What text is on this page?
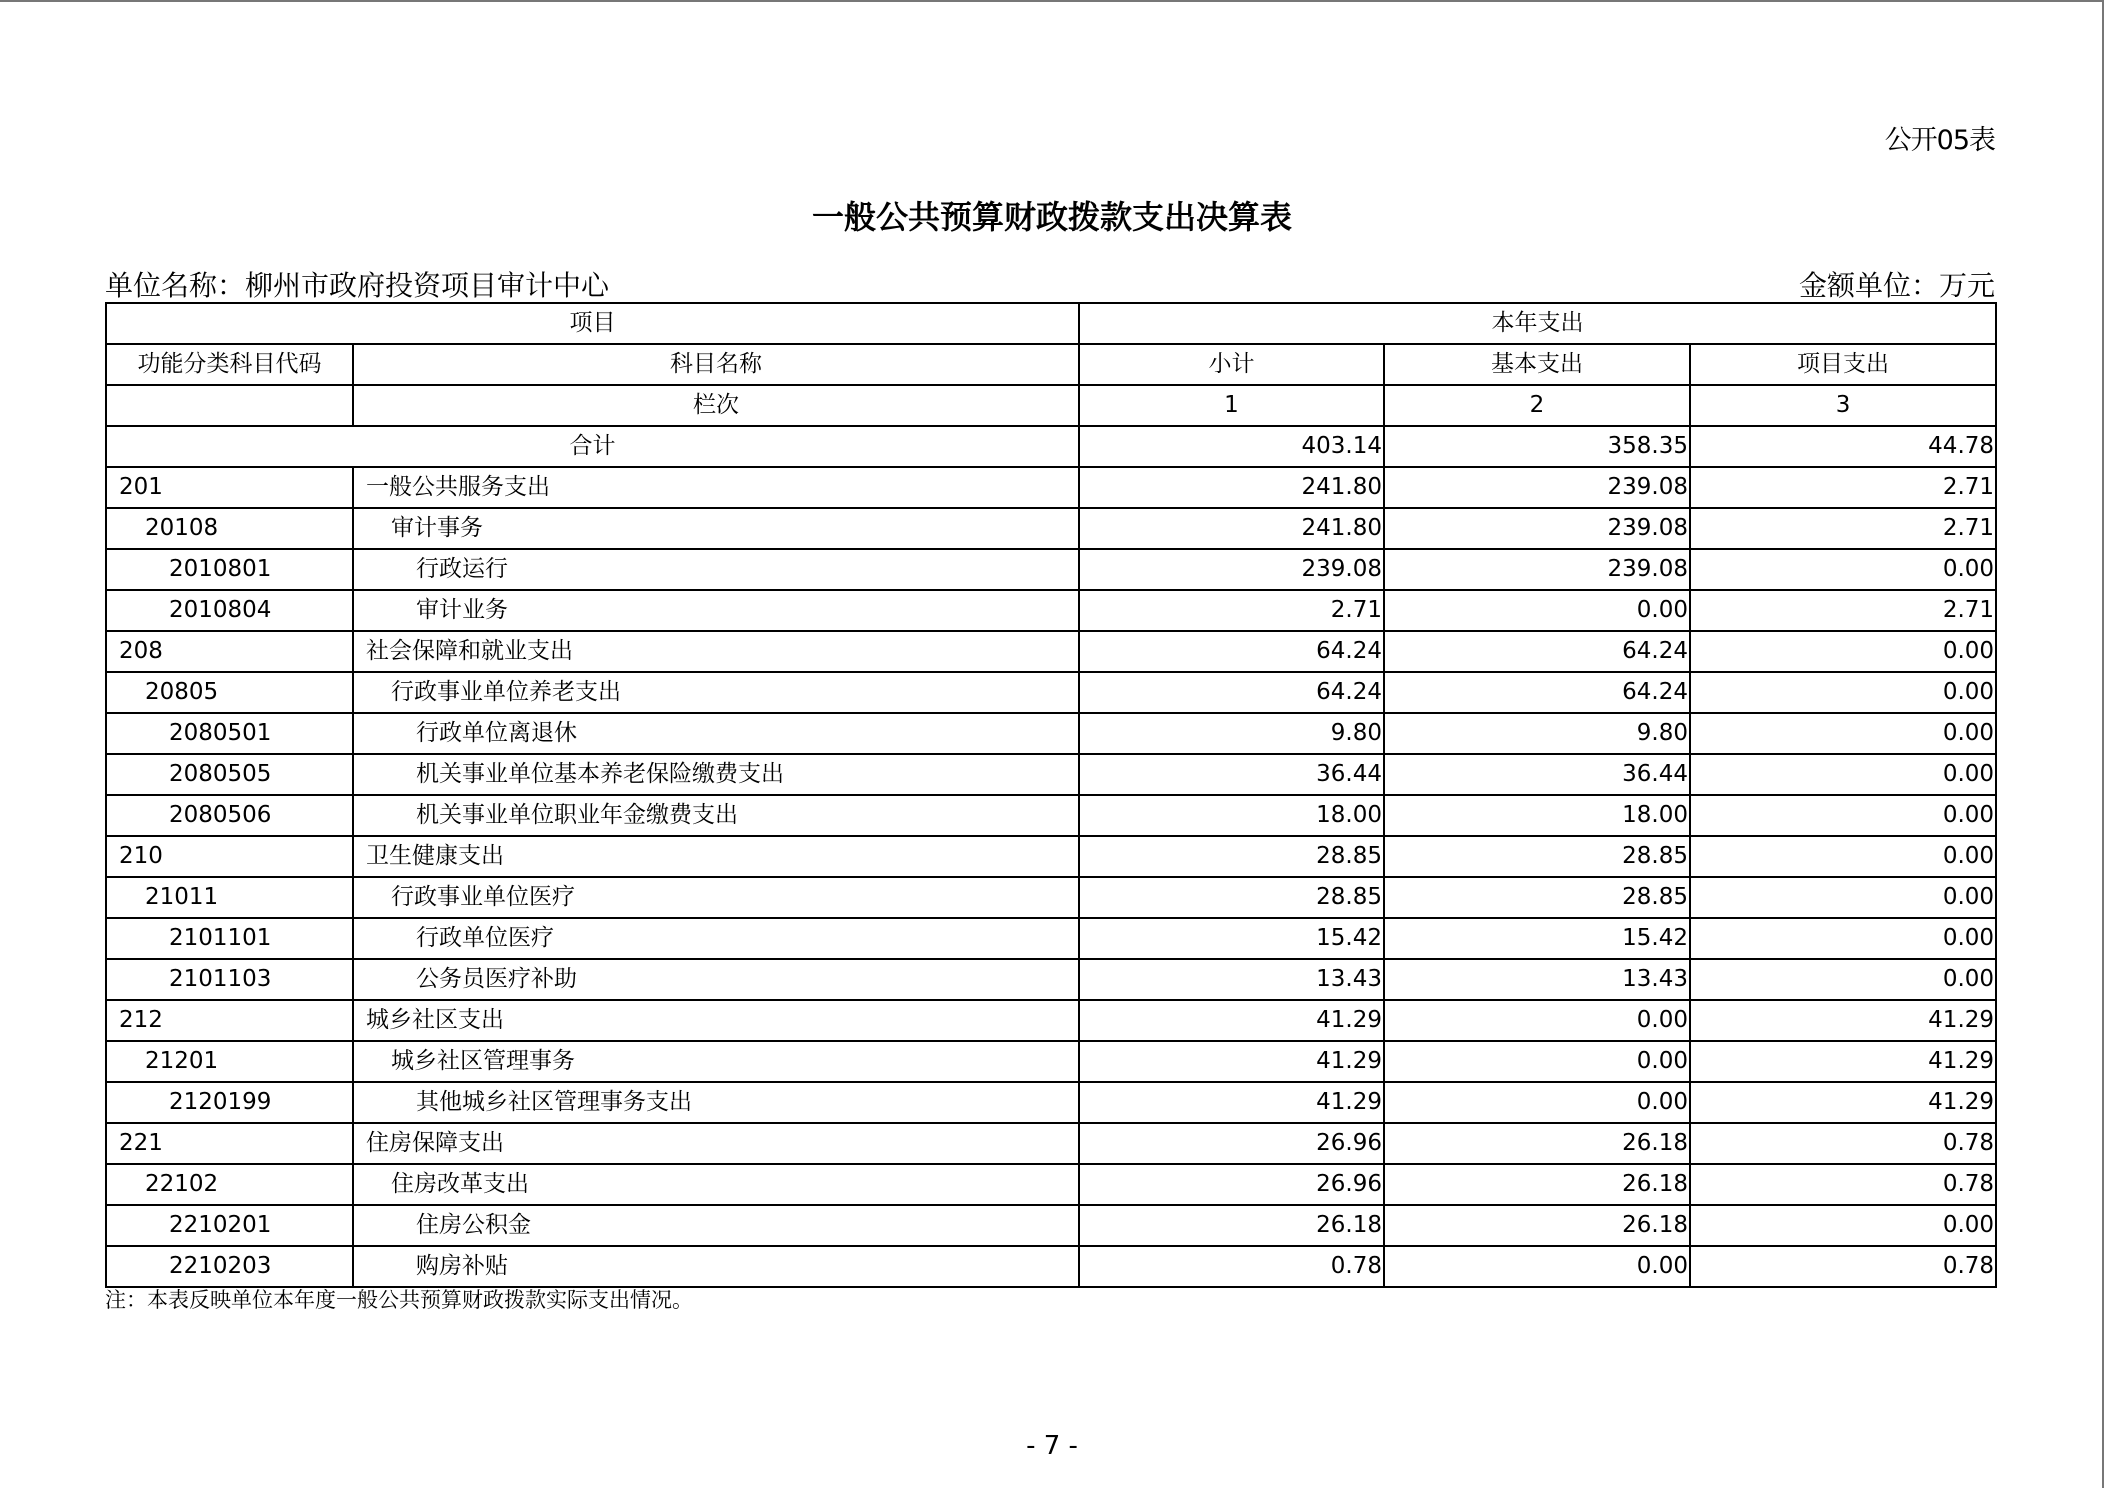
公开05表
一般公共预算财政拨款支出决算表
单位名称：柳州市政府投资项目审计中心	金额单位：万元
项目		本年支出		
功能分类科目代码	科目名称	小计	基本支出	项目支出
	栏次	1	2	3
合计		403.14	358.35	44.78
201	一般公共服务支出	241.80	239.08	2.71
20108	审计事务	241.80	239.08	2.71
2010801	行政运行	239.08	239.08	0.00
2010804	审计业务	2.71	0.00	2.71
208	社会保障和就业支出	64.24	64.24	0.00
20805	行政事业单位养老支出	64.24	64.24	0.00
2080501	行政单位离退休	9.80	9.80	0.00
2080505	机关事业单位基本养老保险缴费支出	36.44	36.44	0.00
2080506	机关事业单位职业年金缴费支出	18.00	18.00	0.00
210	卫生健康支出	28.85	28.85	0.00
21011	行政事业单位医疗	28.85	28.85	0.00
2101101	行政单位医疗	15.42	15.42	0.00
2101103	公务员医疗补助	13.43	13.43	0.00
212	城乡社区支出	41.29	0.00	41.29
21201	城乡社区管理事务	41.29	0.00	41.29
2120199	其他城乡社区管理事务支出	41.29	0.00	41.29
221	住房保障支出	26.96	26.18	0.78
22102	住房改革支出	26.96	26.18	0.78
2210201	住房公积金	26.18	26.18	0.00
2210203	购房补贴	0.78	0.00	0.78
注：本表反映单位本年度一般公共预算财政拨款实际支出情况。
- 7 -
